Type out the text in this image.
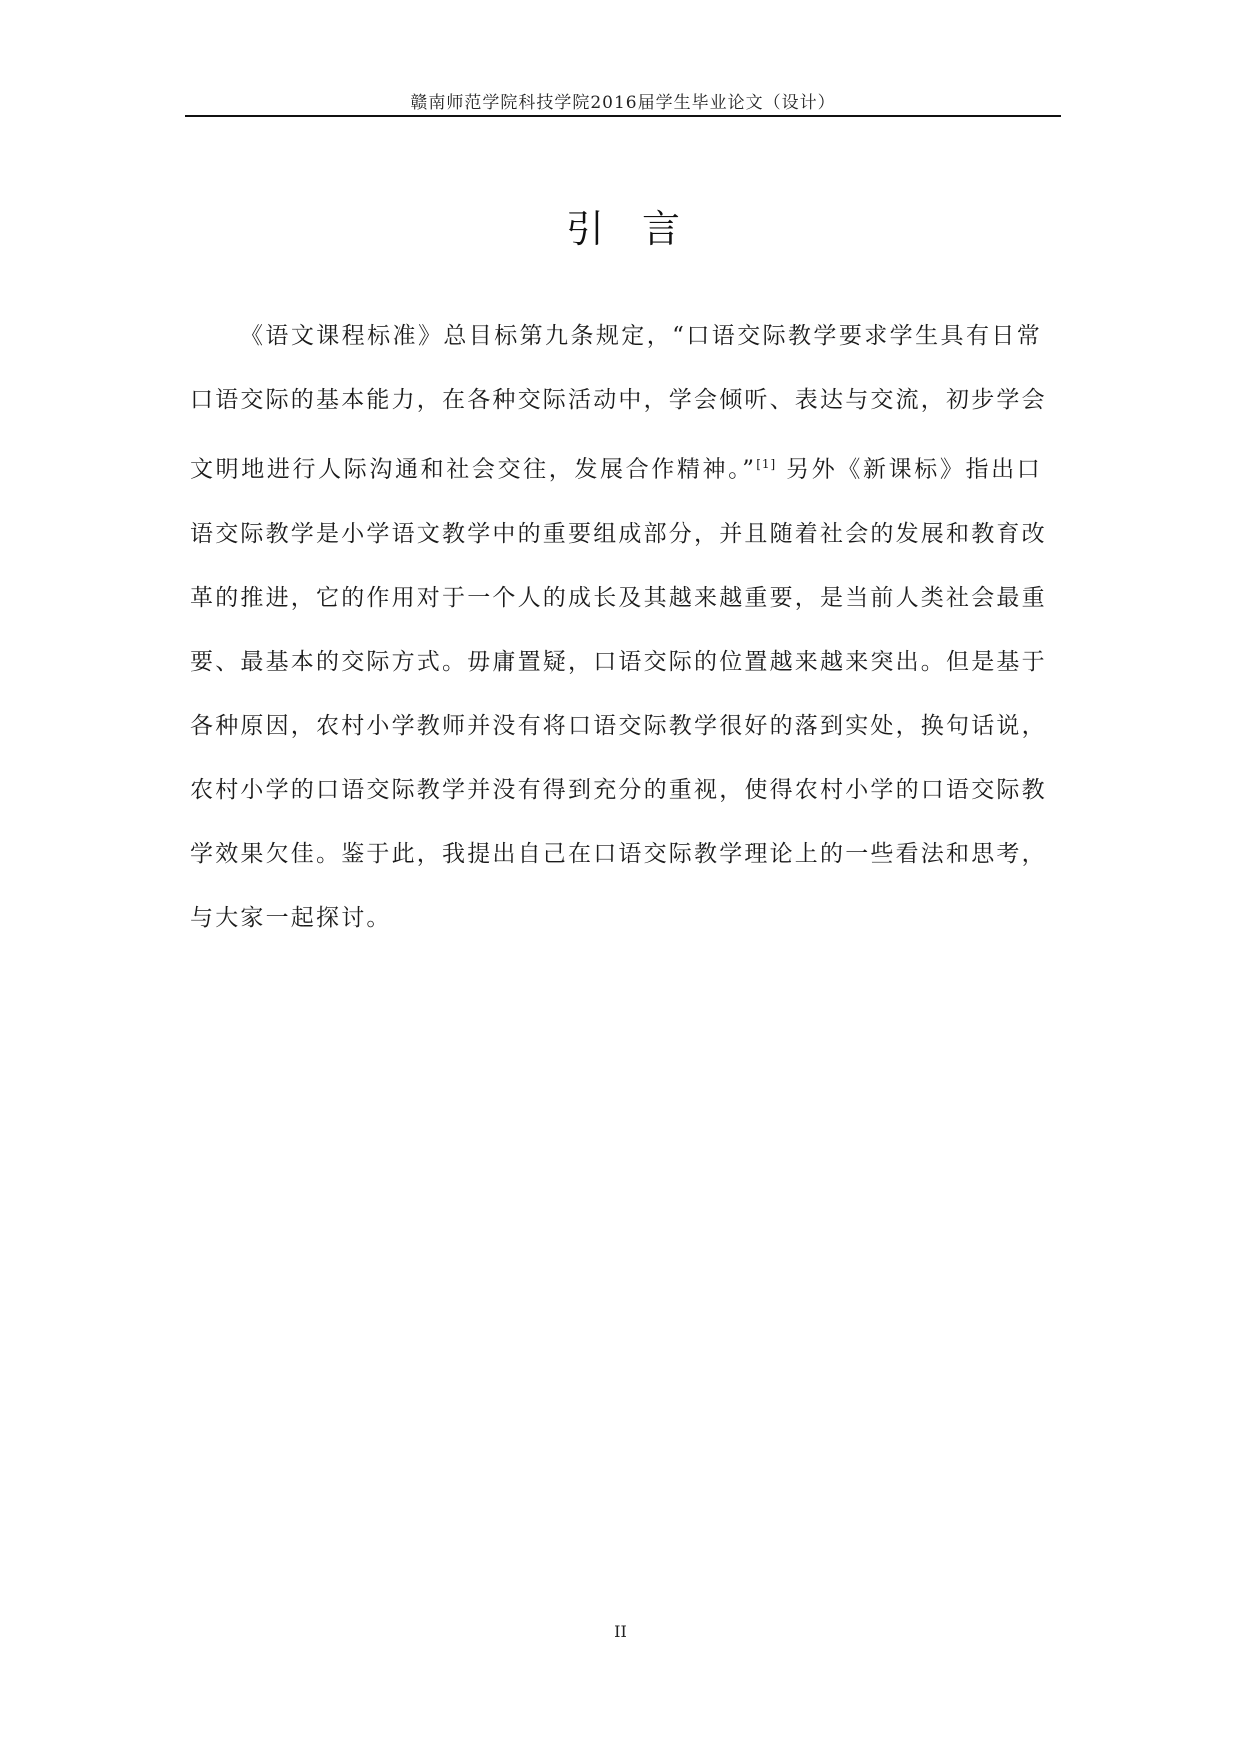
赣南师范学院科技学院2016届学生毕业论文（设计）
引言
《语文课程标准》总目标第九条规定，“口语交际教学要求学生具有日常
口语交际的基本能力，在各种交际活动中，学会倾听、表达与交流，初步学会
文明地进行人际沟通和社会交往，发展合作精神。”[1] 另外《新课标》指出口
语交际教学是小学语文教学中的重要组成部分，并且随着社会的发展和教育改
革的推进，它的作用对于一个人的成长及其越来越重要，是当前人类社会最重
要、最基本的交际方式。毋庸置疑，口语交际的位置越来越来突出。但是基于
各种原因，农村小学教师并没有将口语交际教学很好的落到实处，换句话说，
农村小学的口语交际教学并没有得到充分的重视，使得农村小学的口语交际教
学效果欠佳。鉴于此，我提出自己在口语交际教学理论上的一些看法和思考，
与大家一起探讨。
II
